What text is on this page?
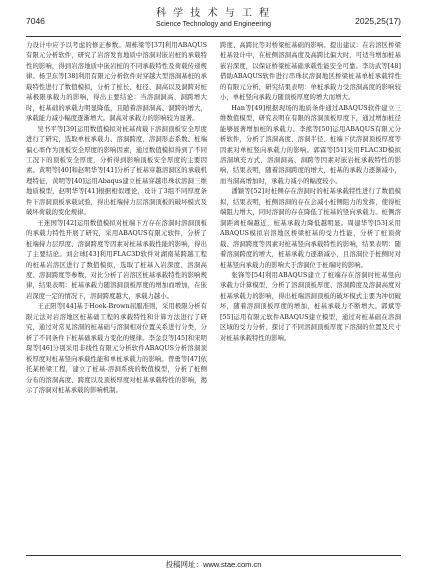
7046
科 学 技 术 与 工 程
Science Technology and Engineering	2025,25(17)

力设计中应予以考虑的修正参数。周栋梁等[37]利用ABAQUS有限元分析软件，研究了岩溶发育地质中溶洞对嵌岩桩的承载特性的影响，得到岩溶地质中嵌岩桩的不同承载特性及荷载传递规律。杨卫东等[38]利用有限元分析软件对穿越大型溶洞基桩的承载特性进行了数值模拟，分析了桩长、桩径、洞高以及洞跨对桩基极限承载力的影响，得出主要结论：当溶洞洞高、洞跨增大时，桩基础的承载力明显降低，且随着溶洞洞高、洞跨的增大，承载能力减小幅度逐渐增大。洞高对承载力的影响较为显著。

吴书平等[39]运用数值模拟对桩基荷载下溶洞顶板安全厚度进行了研究，选取单桩承载力、溶洞跨度、溶洞形态系数、桩端偏心率作为顶板安全厚度的影响因素，通过数值模拟得到了不同工况下的顶板安全厚度，分析得到影响顶板安全厚度的主要因素。黄明等[40]和赵明华等[41]分析了桩基穿越溶洞区的承载机理特征，黄明等[40]运用Abaqus建立桩基穿越串珠状溶洞三维地质模型，赵明华等[41]根据相似理论，设计了3组不同厚度条件下溶洞顶板承载试验，得出桩端持力层溶洞顶板的破坏模式及破坏荷载的变化规律。

王迷国等[42]运用数值模拟对桩端下方存在溶洞时溶洞顶板的承载力特性开展了研究，采用ABAQUS有限元软件，分析了桩端持力层厚度、溶洞跨度等因素对桩基承载性能的影响，得出了主要结论。刘会球[43]利用FLAC3D软件对湖南某跨越工程的桩基岩溶区进行了数值模拟，选取了桩基入岩深度、溶洞高度、溶洞跨度等参数，对比分析了岩溶区桩基承载特性的影响规律，结果表明：桩基承载力随溶洞顶板厚度的增加而增加，在嵌岩深度一定的情况下，溶洞跨度越大，承载力越小。

王正阳等[44]基于Hoek-Brown屈服准则，采用极限分析有限元法对岩溶地区桩基础工程的承载特性和计算方法进行了研究，通过对常见溶洞的桩基础与溶洞相对位置关系进行分类，分析了不同条件下桩基础承载力变化的规律。李金良等[45]和宋明琛等[46]分别采用非线性有限元分析软件ABAQUS分析溶洞顶板厚度对桩基竖向承载性能和单桩承载力的影响。曾勇等[47]依托某桥梁工程，建立了桩基-溶洞系统的数值模型，分析了桩侧分布的溶洞高度、跨度以及顶板厚度对桩基承载特性的影响，揭示了溶洞对桩基承载的影响机制。

跨度、高跨比等对桥梁桩基础的影响。提出建议：在岩溶区桥梁桩基设计中，在桩侧溶洞高度及高跨比偏大时，可适当增加桩基嵌岩深度，以保证桥梁桩基础承载性能安全可靠。李功武等[48]借助ABAQUS软件进行串珠状溶洞地区桥梁桩基单桩承载特性的有限元分析，研究结果表明：单桩承载力受溶洞高度的影响较小，单桩竖向承载力随顶板厚度的增大而增大。

Han等[49]根据现场的地质条件通过ABAQUS软件建立三维数值模型，研究表明在有限的溶洞顶板厚度下，通过增加桩径能够显著增加桩的承载力。李熊等[50]运用ABAQUS有限元分析软件，分析了溶洞高度、溶洞半径、桩端下伏溶洞顶板厚度等因素对单桩竖向承载力的影响。郭霖等[51]采用FLAC3D模拟溶洞填充方式、溶洞洞高、洞跨等因素对嵌岩桩承载特性的影响，结果表明，随着溶洞跨度的增大，桩基的承载力逐渐减小，而当洞高增加时，承载力减小的幅度较小。

潘颖等[52]对桩侧存在溶洞时的桩基承载特性进行了数值模拟，结果表明，桩侧溶洞的存在会减小桩侧阻力的发挥，使得桩端阻力增大，同时溶洞的存在降低了桩基的竖向承载力。桩侧溶洞距离桩端越近，桩基承载力降低越明显。周建华等[53]采用ABAQUS模拟岩溶地区桥梁桩基的受力性能，分析了桩顶荷载、溶洞跨度等因素对桩基竖向承载特性的影响，结果表明：随着溶洞跨度的增大，桩基承载力逐渐减小，且溶洞位于桩侧时对桩基竖向承载力的影响大于溶洞位于桩端时的影响。

张锋等[54]利用ABAQUS建立了桩端存在溶洞时桩基竖向承载力计算模型，分析了溶洞顶板厚度、溶洞跨度及溶洞高度对桩基承载力的影响，得出桩端溶洞顶板的破坏模式主要为冲切破坏，随着溶洞顶板厚度的增加，桩基承载力不断增大。郭斌等[55]运用有限元软件ABAQUS建立模型，通过对桩基础在溶洞区域的受力分析，探讨了不同溶洞顶板厚度下溶洞的位置及尺寸对桩基承载特性的影响。

投稿网址：www.stae.com.cn
